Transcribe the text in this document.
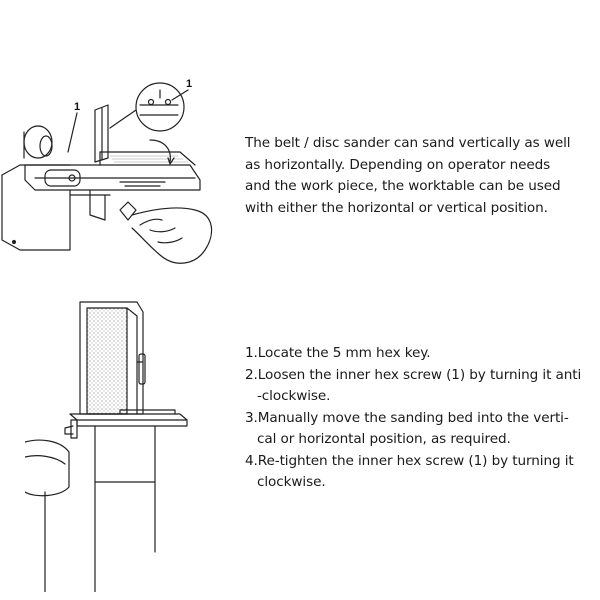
1
1
The belt / disc sander can sand vertically as well
as horizontally. Depending on operator needs
and the work piece, the worktable can be used
with either the horizontal or vertical position.
1.Locate the 5 mm hex key.
2.Loosen the inner hex screw (1) by turning it anti
-clockwise.
3.Manually move the sanding bed into the verti-
cal or horizontal position, as required.
4.Re-tighten the inner hex screw (1) by turning it
clockwise.
